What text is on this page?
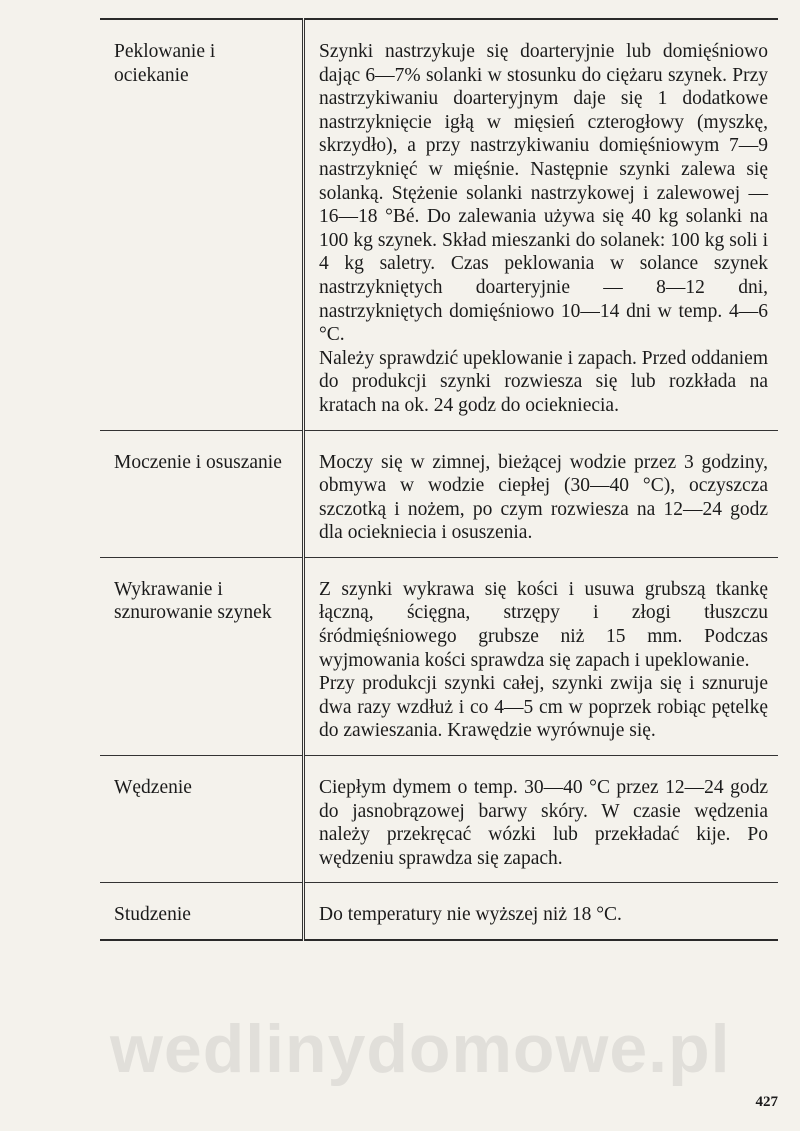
Peklowanie i ociekanie	Szynki nastrzykuje się doarteryjnie lub domięśniowo dając 6—7% solanki w stosunku do ciężaru szynek. Przy nastrzykiwaniu doarteryjnym daje się 1 dodatkowe nastrzyknięcie igłą w mięsień czterogłowy (myszkę, skrzydło), a przy nastrzykiwaniu domięśniowym 7—9 nastrzyknięć w mięśnie. Następnie szynki zalewa się solanką. Stężenie solanki nastrzykowej i zalewowej — 16—18 °Bé. Do zalewania używa się 40 kg solanki na 100 kg szynek. Skład mieszanki do solanek: 100 kg soli i 4 kg saletry. Czas peklowania w solance szynek nastrzykniętych doarteryjnie — 8—12 dni, nastrzykniętych domięśniowo 10—14 dni w temp. 4—6 °C.

Należy sprawdzić upeklowanie i zapach. Przed oddaniem do produkcji szynki rozwiesza się lub rozkłada na kratach na ok. 24 godz do ociekniecia.

Moczenie i osuszanie	Moczy się w zimnej, bieżącej wodzie przez 3 godziny, obmywa w wodzie ciepłej (30—40 °C), oczyszcza szczotką i nożem, po czym rozwiesza na 12—24 godz dla ociekniecia i osuszenia.

Wykrawanie i sznurowanie szynek	Z szynki wykrawa się kości i usuwa grubszą tkankę łączną, ścięgna, strzępy i złogi tłuszczu śródmięśniowego grubsze niż 15 mm. Podczas wyjmowania kości sprawdza się zapach i upeklowanie.

Przy produkcji szynki całej, szynki zwija się i sznuruje dwa razy wzdłuż i co 4—5 cm w poprzek robiąc pętelkę do zawieszania. Krawędzie wyrównuje się.

Wędzenie	Ciepłym dymem o temp. 30—40 °C przez 12—24 godz do jasnobrązowej barwy skóry. W czasie wędzenia należy przekręcać wózki lub przekładać kije. Po wędzeniu sprawdza się zapach.

Studzenie	Do temperatury nie wyższej niż 18 °C.

wedlinydomowe.pl
427
